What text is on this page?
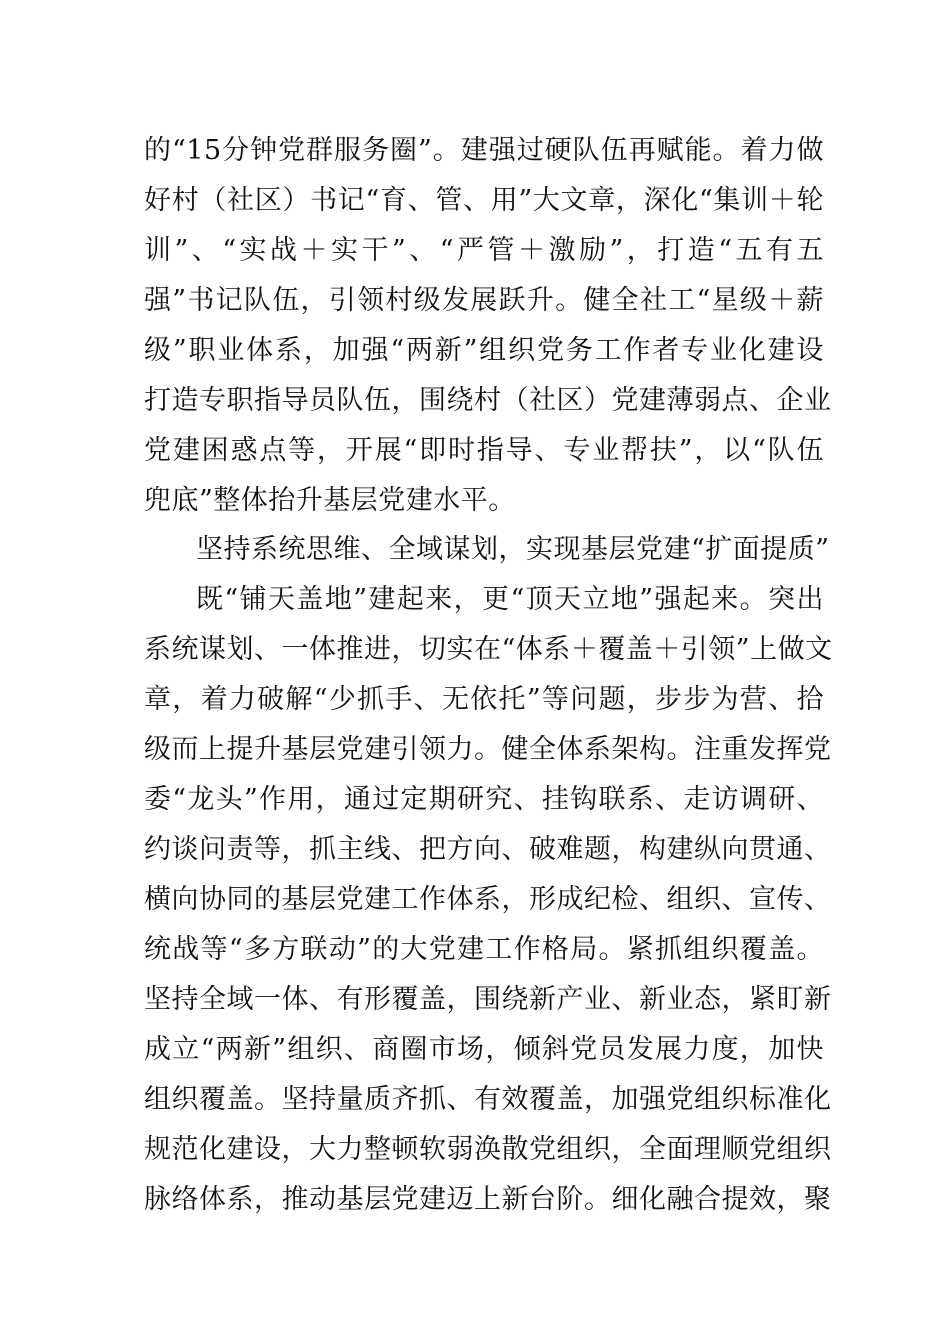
的“15分钟党群服务圈”。建强过硬队伍再赋能。着力做
好村（社区）书记“育、管、用”大文章，深化“集训＋轮
训”、“实战＋实干”、“严管＋激励”，打造“五有五
强”书记队伍，引领村级发展跃升。健全社工“星级＋薪
级”职业体系，加强“两新”组织党务工作者专业化建设
打造专职指导员队伍，围绕村（社区）党建薄弱点、企业
党建困惑点等，开展“即时指导、专业帮扶”，以“队伍
兜底”整体抬升基层党建水平。
坚持系统思维、全域谋划，实现基层党建“扩面提质”
既“铺天盖地”建起来，更“顶天立地”强起来。突出
系统谋划、一体推进，切实在“体系＋覆盖＋引领”上做文
章，着力破解“少抓手、无依托”等问题，步步为营、拾
级而上提升基层党建引领力。健全体系架构。注重发挥党
委“龙头”作用，通过定期研究、挂钩联系、走访调研、
约谈问责等，抓主线、把方向、破难题，构建纵向贯通、
横向协同的基层党建工作体系，形成纪检、组织、宣传、
统战等“多方联动”的大党建工作格局。紧抓组织覆盖。
坚持全域一体、有形覆盖，围绕新产业、新业态，紧盯新
成立“两新”组织、商圈市场，倾斜党员发展力度，加快
组织覆盖。坚持量质齐抓、有效覆盖，加强党组织标准化
规范化建设，大力整顿软弱涣散党组织，全面理顺党组织
脉络体系，推动基层党建迈上新台阶。细化融合提效，聚
